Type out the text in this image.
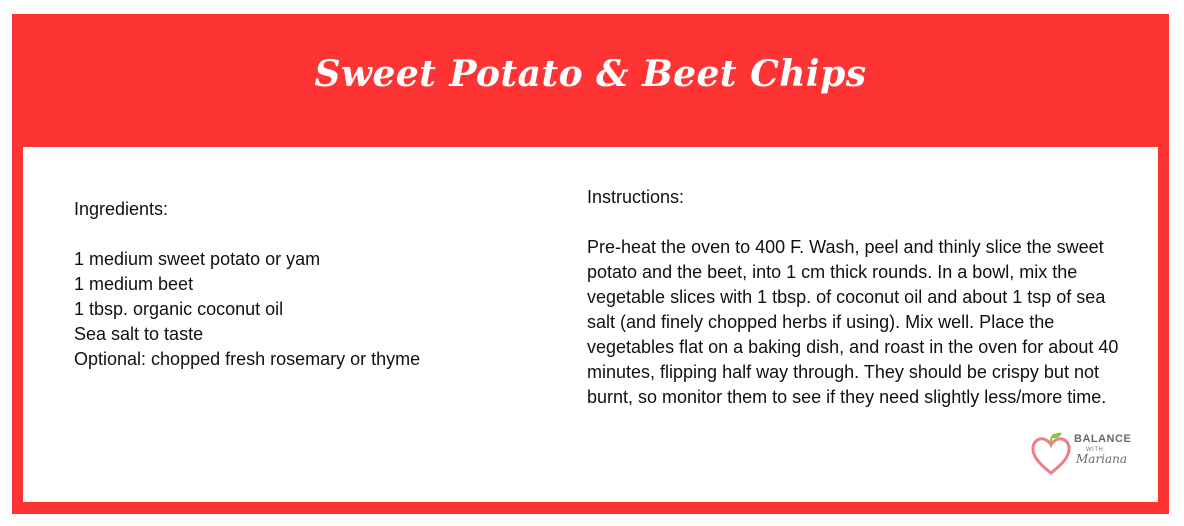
Sweet Potato & Beet Chips
Ingredients:
1 medium sweet potato or yam
1 medium beet
1 tbsp. organic coconut oil
Sea salt to taste
Optional: chopped fresh rosemary or thyme
Instructions:

Pre-heat the oven to 400 F. Wash, peel and thinly slice the sweet potato and the beet, into 1 cm thick rounds. In a bowl, mix the vegetable slices with 1 tbsp. of coconut oil and about 1 tsp of sea salt (and finely chopped herbs if using). Mix well. Place the vegetables flat on a baking dish, and roast in the oven for about 40 minutes, flipping half way through. They should be crispy but not burnt, so monitor them to see if they need slightly less/more time.

BALANCE
WITH
Mariana
